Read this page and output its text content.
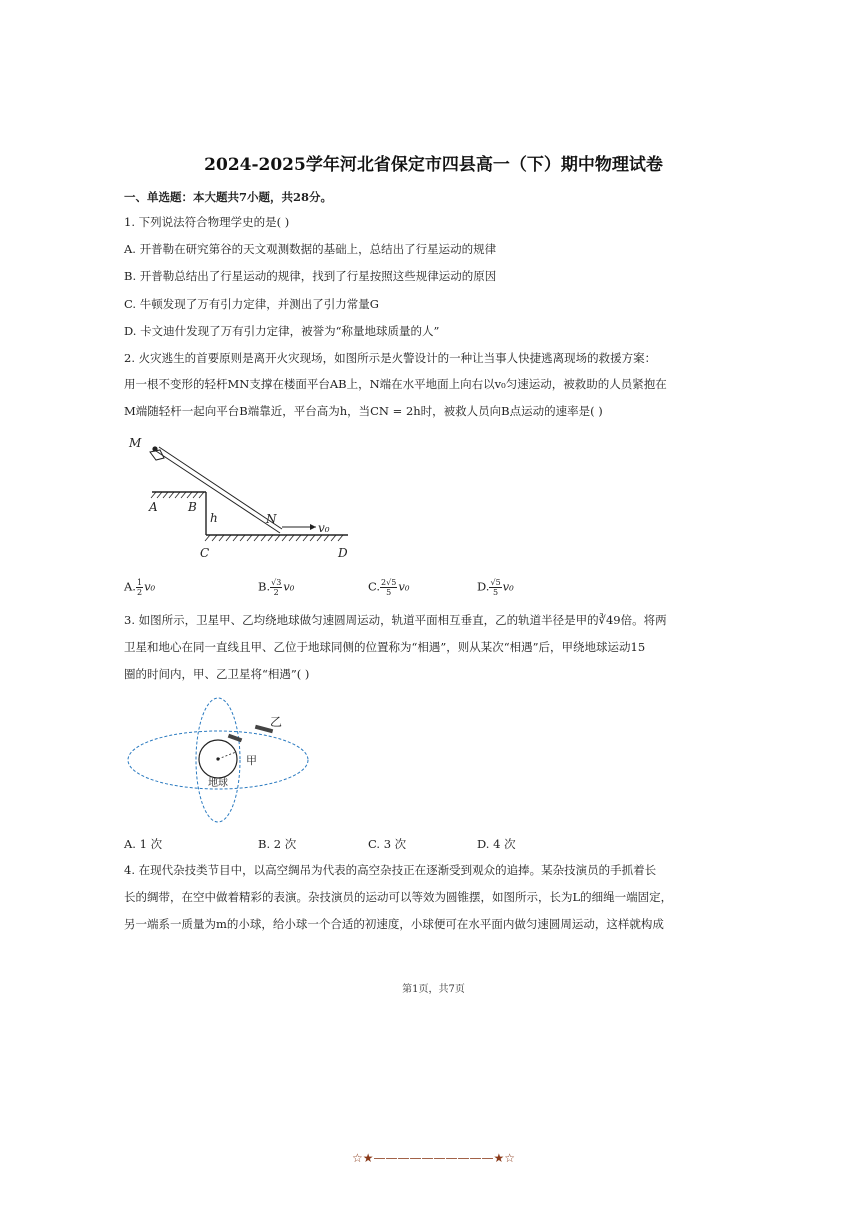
2024-2025学年河北省保定市四县高一（下）期中物理试卷
一、单选题：本大题共7小题，共28分。
1. 下列说法符合物理学史的是( )
A. 开普勒在研究第谷的天文观测数据的基础上，总结出了行星运动的规律
B. 开普勒总结出了行星运动的规律，找到了行星按照这些规律运动的原因
C. 牛顿发现了万有引力定律，并测出了引力常量G
D. 卡文迪什发现了万有引力定律，被誉为“称量地球质量的人”
2. 火灾逃生的首要原则是离开火灾现场，如图所示是火警设计的一种让当事人快捷逃离现场的救援方案：
用一根不变形的轻杆MN支撑在楼面平台AB上，N端在水平地面上向右以v₀匀速运动，被救助的人员紧抱在
M端随轻杆一起向平台B端靠近，平台高为h，当CN = 2h时，被救人员向B点运动的速率是( )
M
A	B
h	N
v₀
C	D
A. $\frac{1}{2} v_0$	B. $\frac{√3}{2} v_0$	C. $\frac{2√5}{5} v_0$	D. $\frac{√5}{5} v_0$
3. 如图所示，卫星甲、乙均绕地球做匀速圆周运动，轨道平面相互垂直，乙的轨道半径是甲的∛49倍。将两
卫星和地心在同一直线且甲、乙位于地球同侧的位置称为“相遇”，则从某次“相遇”后，甲绕地球运动15
圈的时间内，甲、乙卫星将“相遇”( )
乙
甲
地球
A. 1 次	B. 2 次	C. 3 次	D. 4 次
4. 在现代杂技类节目中，以高空绸吊为代表的高空杂技正在逐渐受到观众的追捧。某杂技演员的手抓着长
长的绸带，在空中做着精彩的表演。杂技演员的运动可以等效为圆锥摆，如图所示，长为L的细绳一端固定，
另一端系一质量为m的小球，给小球一个合适的初速度，小球便可在水平面内做匀速圆周运动，这样就构成
第1页，共7页
☆★——————————★☆
